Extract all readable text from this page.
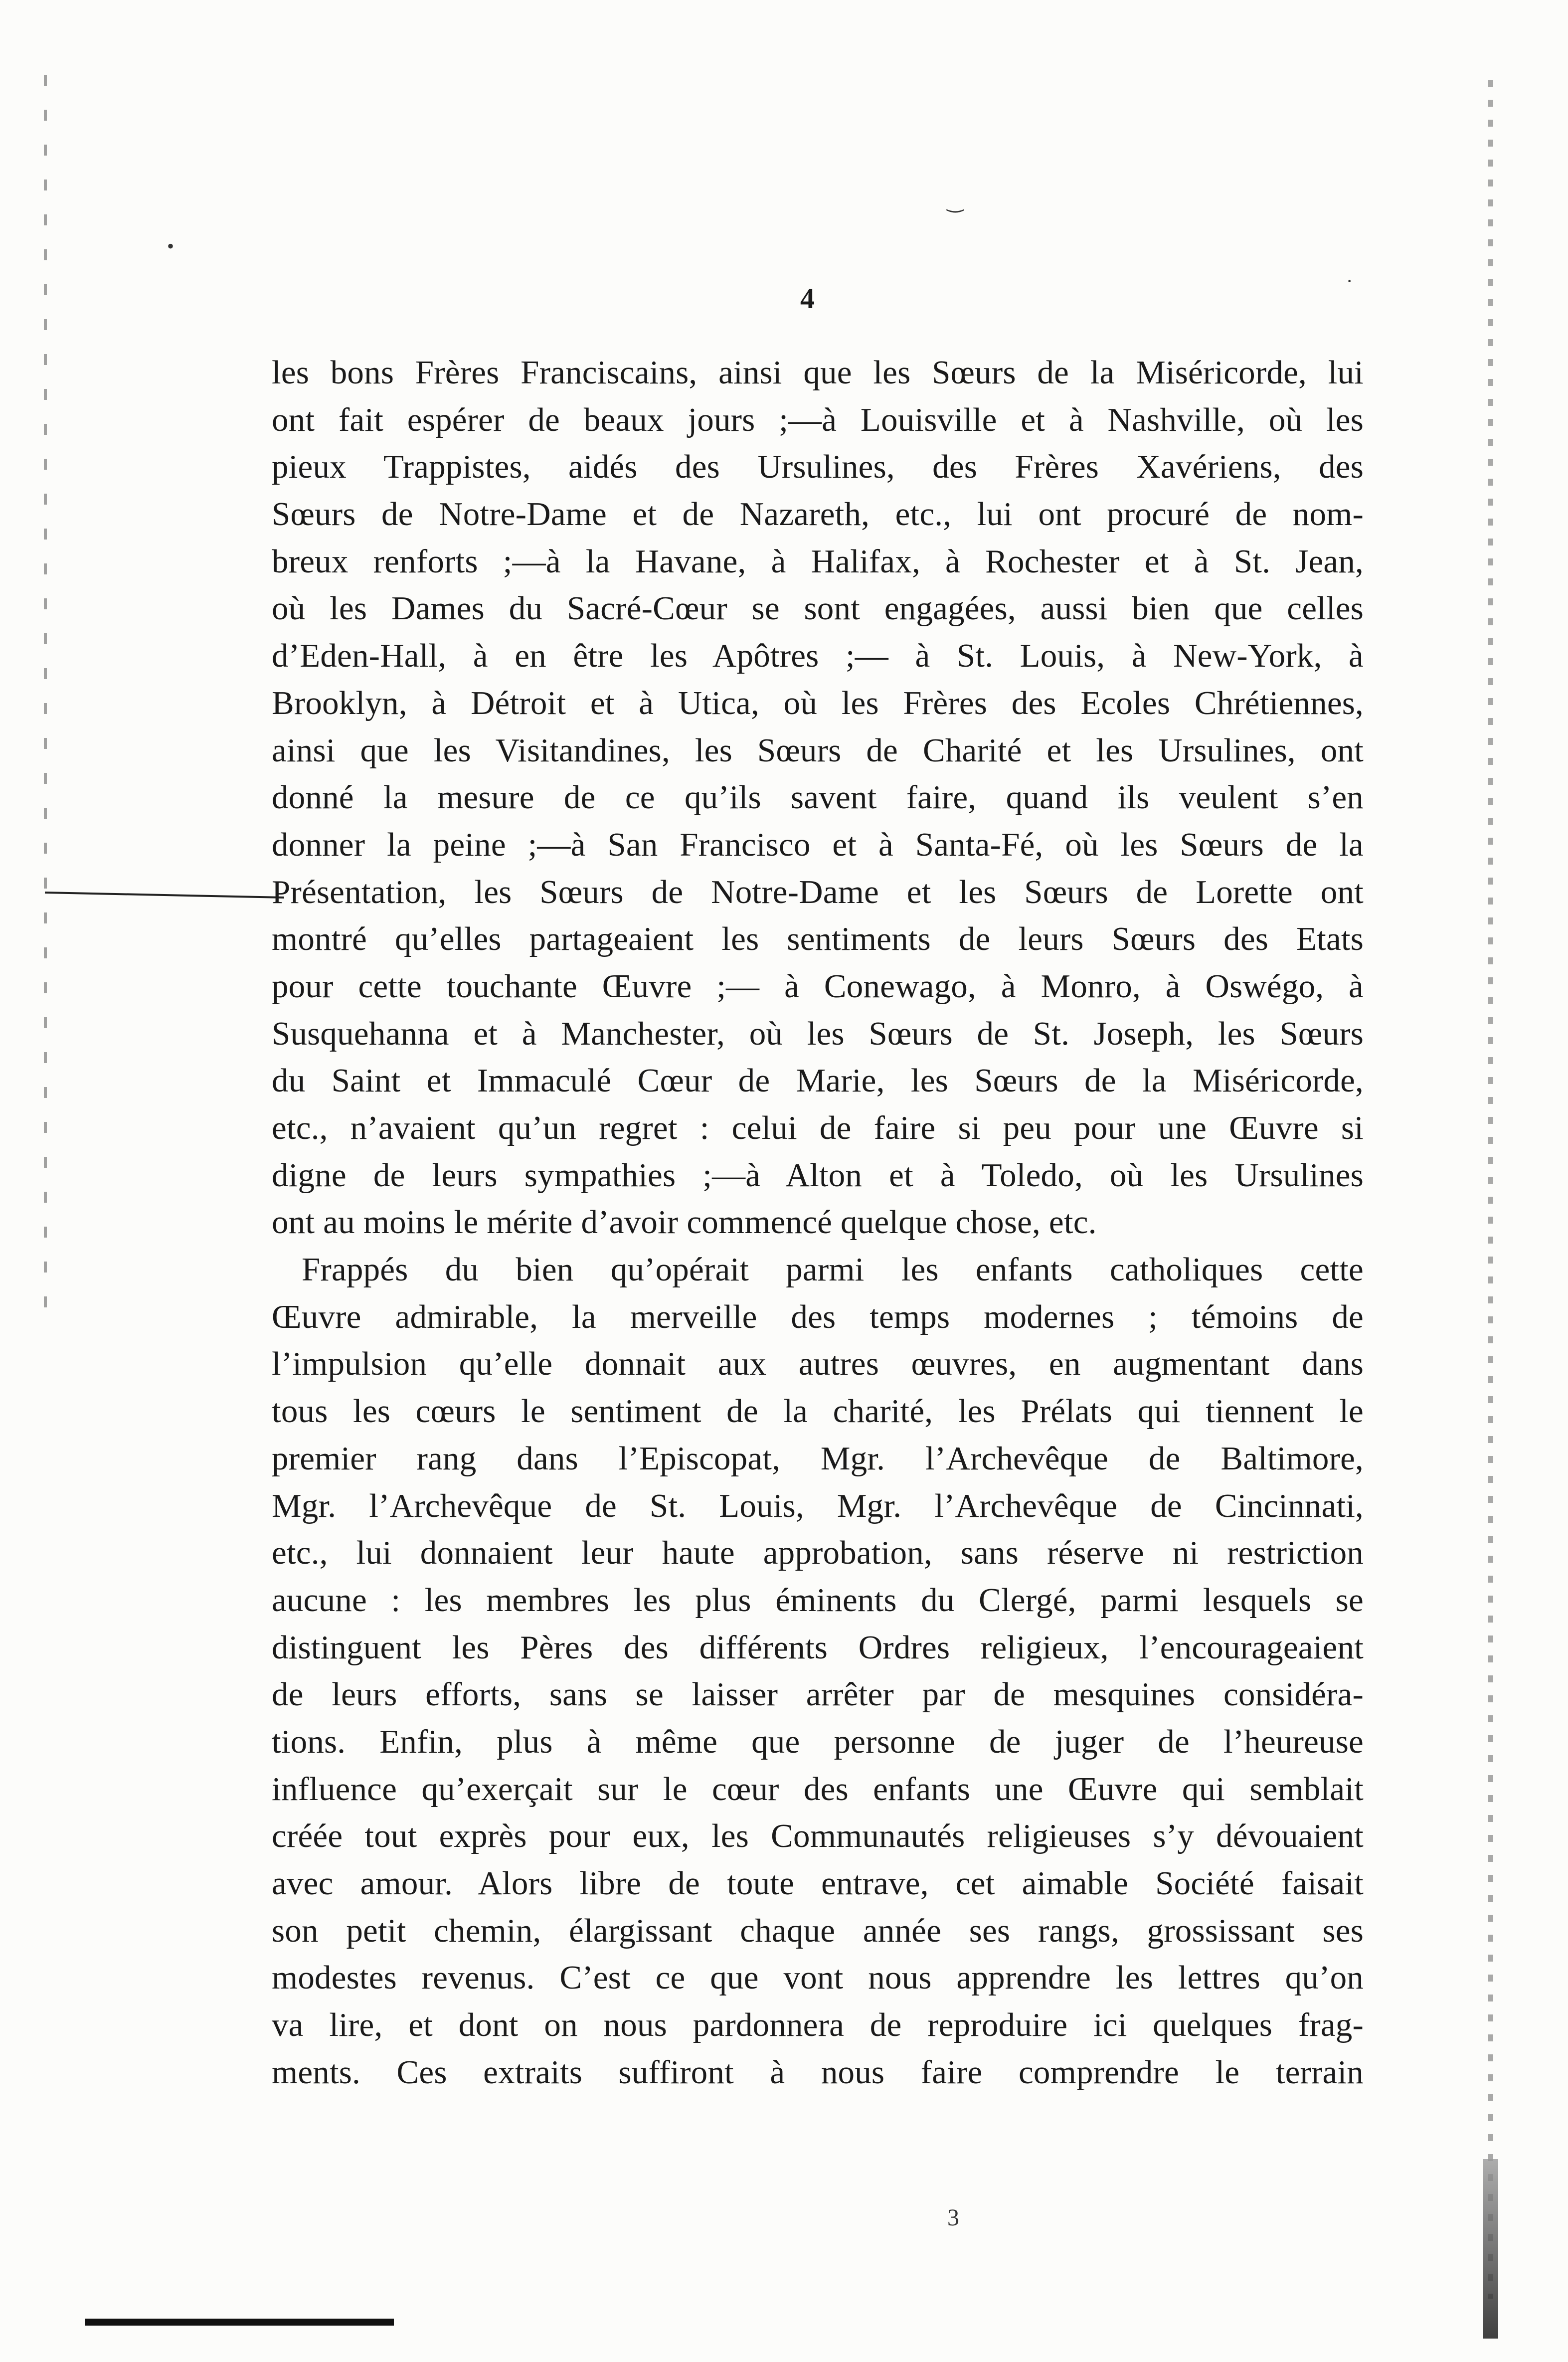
•
·
‿
4
les bons Frères Franciscains, ainsi que les Sœurs de la Miséricorde, lui
ont fait espérer de beaux jours ;—à Louisville et à Nashville, où les
pieux Trappistes, aidés des Ursulines, des Frères Xavériens, des
Sœurs de Notre-Dame et de Nazareth, etc., lui ont procuré de nom-
breux renforts ;—à la Havane, à Halifax, à Rochester et à St. Jean,
où les Dames du Sacré-Cœur se sont engagées, aussi bien que celles
d’Eden-Hall, à en être les Apôtres ;— à St. Louis, à New-York, à
Brooklyn, à Détroit et à Utica, où les Frères des Ecoles Chrétiennes,
ainsi que les Visitandines, les Sœurs de Charité et les Ursulines, ont
donné la mesure de ce qu’ils savent faire, quand ils veulent s’en
donner la peine ;—à San Francisco et à Santa-Fé, où les Sœurs de la
Présentation, les Sœurs de Notre-Dame et les Sœurs de Lorette ont
montré qu’elles partageaient les sentiments de leurs Sœurs des Etats
pour cette touchante Œuvre ;— à Conewago, à Monro, à Oswégo, à
Susquehanna et à Manchester, où les Sœurs de St. Joseph, les Sœurs
du Saint et Immaculé Cœur de Marie, les Sœurs de la Miséricorde,
etc., n’avaient qu’un regret : celui de faire si peu pour une Œuvre si
digne de leurs sympathies ;—à Alton et à Toledo, où les Ursulines
ont au moins le mérite d’avoir commencé quelque chose, etc.
Frappés du bien qu’opérait parmi les enfants catholiques cette
Œuvre admirable, la merveille des temps modernes ; témoins de
l’impulsion qu’elle donnait aux autres œuvres, en augmentant dans
tous les cœurs le sentiment de la charité, les Prélats qui tiennent le
premier rang dans l’Episcopat, Mgr. l’Archevêque de Baltimore,
Mgr. l’Archevêque de St. Louis, Mgr. l’Archevêque de Cincinnati,
etc., lui donnaient leur haute approbation, sans réserve ni restriction
aucune : les membres les plus éminents du Clergé, parmi lesquels se
distinguent les Pères des différents Ordres religieux, l’encourageaient
de leurs efforts, sans se laisser arrêter par de mesquines considéra-
tions. Enfin, plus à même que personne de juger de l’heureuse
influence qu’exerçait sur le cœur des enfants une Œuvre qui semblait
créée tout exprès pour eux, les Communautés religieuses s’y dévouaient
avec amour. Alors libre de toute entrave, cet aimable Société faisait
son petit chemin, élargissant chaque année ses rangs, grossissant ses
modestes revenus. C’est ce que vont nous apprendre les lettres qu’on
va lire, et dont on nous pardonnera de reproduire ici quelques frag-
ments. Ces extraits suffiront à nous faire comprendre le terrain
3
